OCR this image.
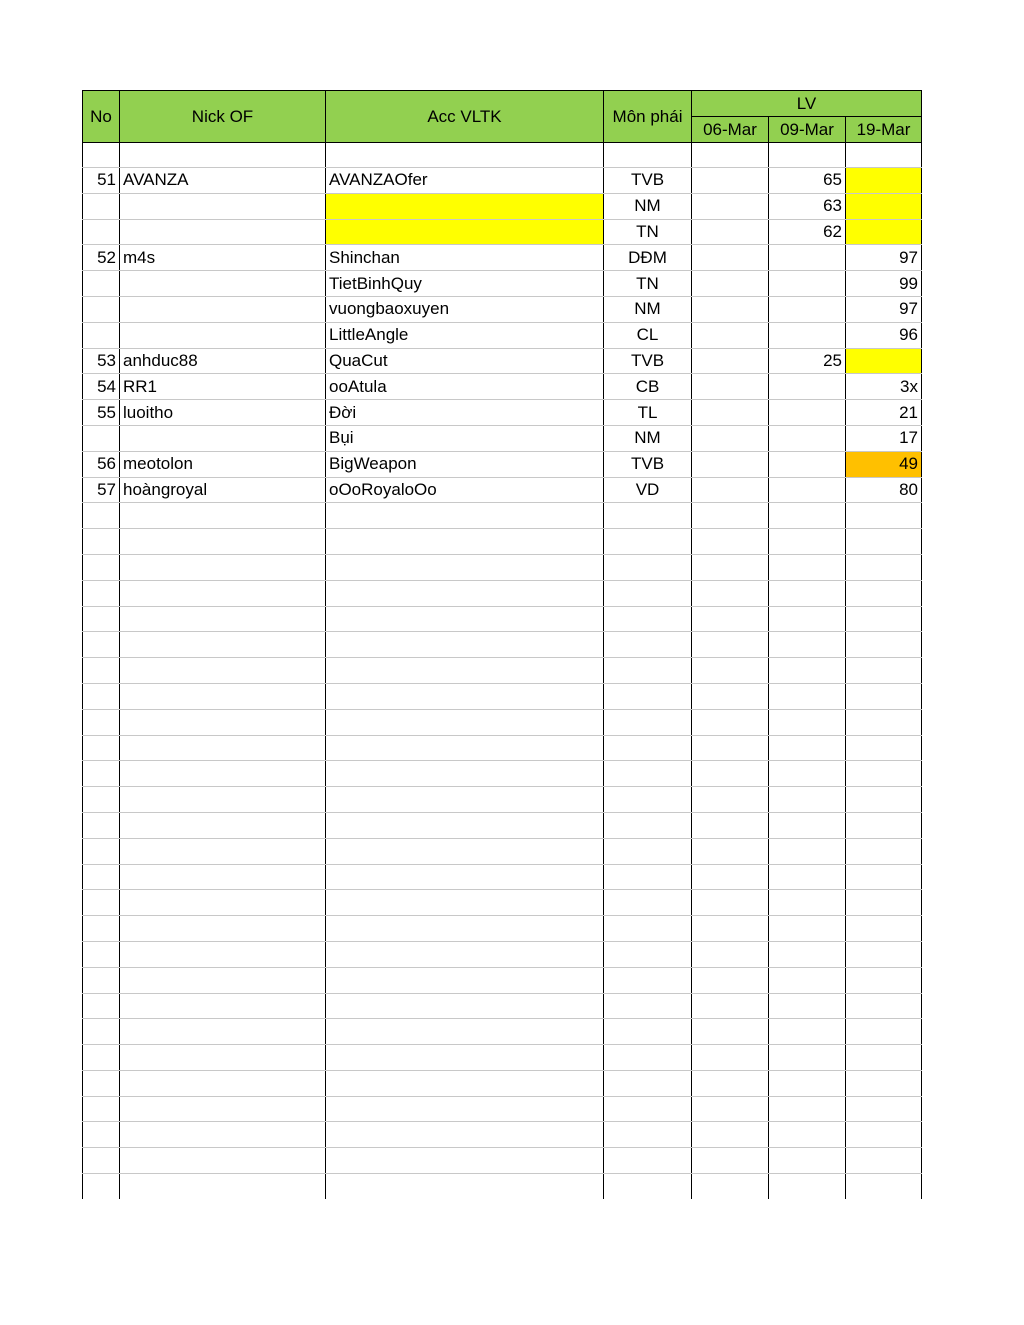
No	Nick OF	Acc VLTK	Môn phái	LV		
				06-Mar	09-Mar	19-Mar

51	AVANZA	AVANZAOfer	TVB		65	
			NM		63	
			TN		62	
52	m4s	Shinchan	DĐM			97
		TietBinhQuy	TN			99
		vuongbaoxuyen	NM			97
		LittleAngle	CL			96
53	anhduc88	QuaCut	TVB		25	
54	RR1	ooAtula	CB			3x
55	luoitho	Đời	TL			21
		Bụi	NM			17
56	meotolon	BigWeapon	TVB			49
57	hoàngroyal	oOoRoyaloOo	VD			80
